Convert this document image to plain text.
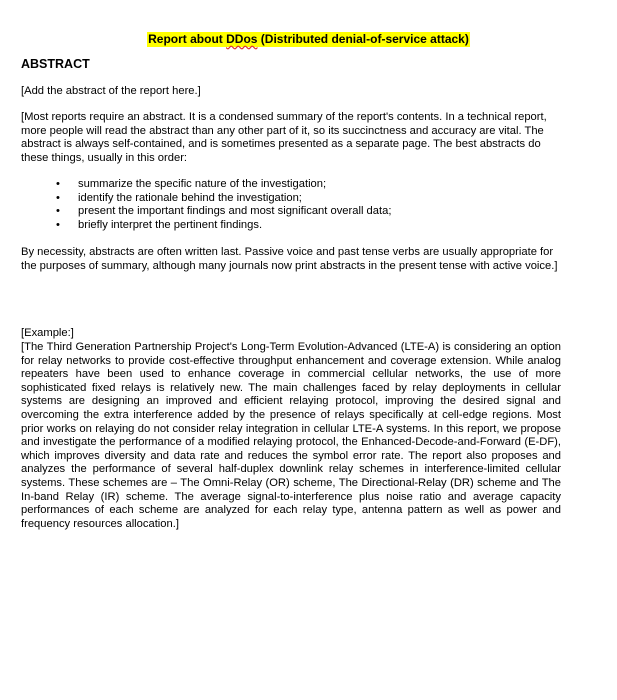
Report about DDos (Distributed denial-of-service attack)
ABSTRACT
[Add the abstract of the report here.]
[Most reports require an abstract. It is a condensed summary of the report's contents. In a technical report, more people will read the abstract than any other part of it, so its succinctness and accuracy are vital. The abstract is always self-contained, and is sometimes presented as a separate page. The best abstracts do these things, usually in this order:
• summarize the specific nature of the investigation;
• identify the rationale behind the investigation;
• present the important findings and most significant overall data;
• briefly interpret the pertinent findings.
By necessity, abstracts are often written last. Passive voice and past tense verbs are usually appropriate for the purposes of summary, although many journals now print abstracts in the present tense with active voice.]
[Example:]
[The Third Generation Partnership Project's Long-Term Evolution-Advanced (LTE-A) is considering an option for relay networks to provide cost-effective throughput enhancement and coverage extension. While analog repeaters have been used to enhance coverage in commercial cellular networks, the use of more sophisticated fixed relays is relatively new. The main challenges faced by relay deployments in cellular systems are designing an improved and efficient relaying protocol, improving the desired signal and overcoming the extra interference added by the presence of relays specifically at cell-edge regions. Most prior works on relaying do not consider relay integration in cellular LTE-A systems. In this report, we propose and investigate the performance of a modified relaying protocol, the Enhanced-Decode-and-Forward (E-DF), which improves diversity and data rate and reduces the symbol error rate. The report also proposes and analyzes the performance of several half-duplex downlink relay schemes in interference-limited cellular systems. These schemes are – The Omni-Relay (OR) scheme, The Directional-Relay (DR) scheme and The In-band Relay (IR) scheme. The average signal-to-interference plus noise ratio and average capacity performances of each scheme are analyzed for each relay type, antenna pattern as well as power and frequency resources allocation.]
